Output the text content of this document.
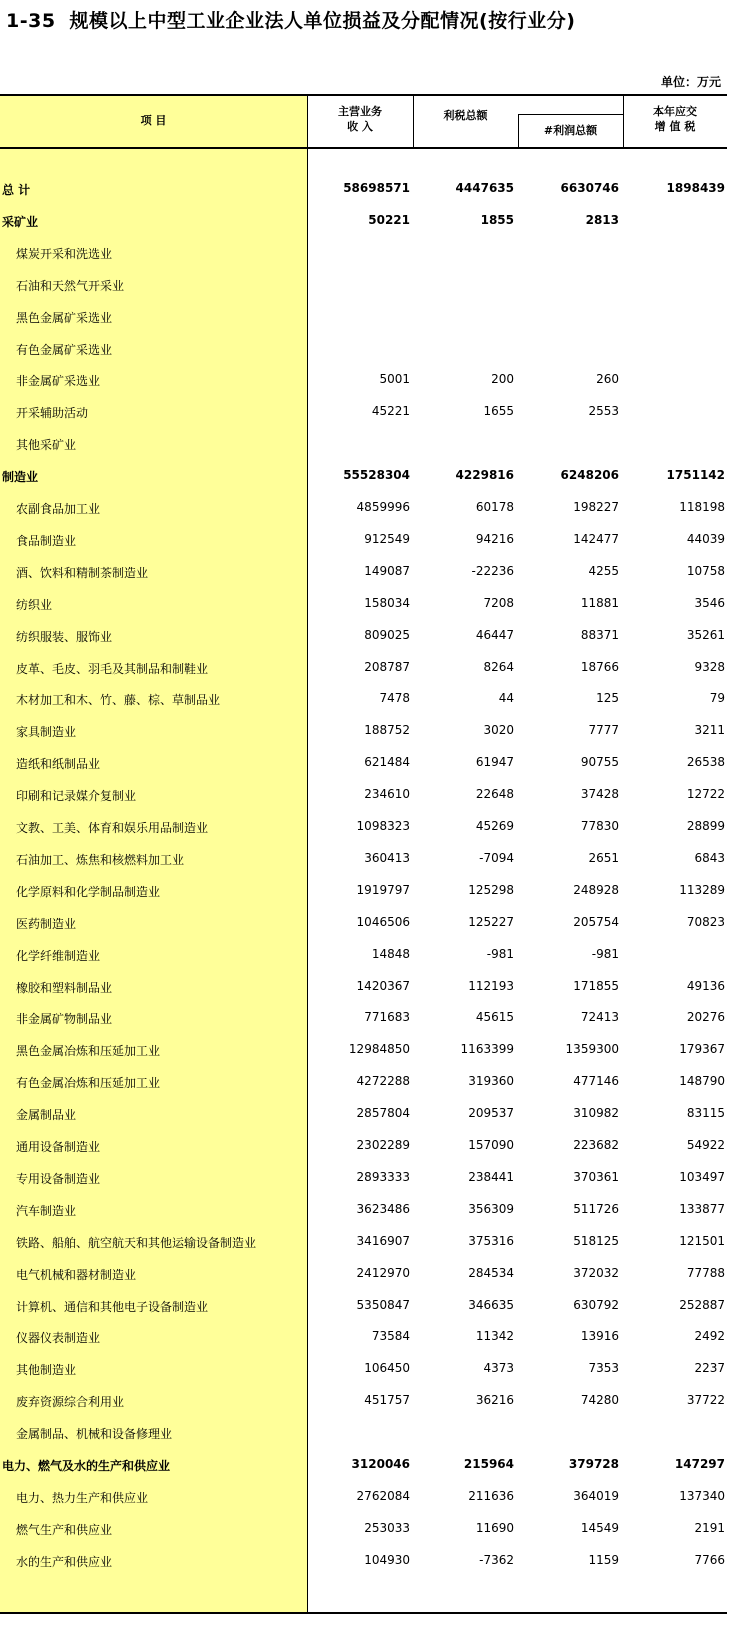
1-35 规模以上中型工业企业法人单位损益及分配情况(按行业分)
单位：万元
项 目
主营业务
收 入
利税总额
#利润总额
本年应交
增 值 税
总 计	58698571	4447635	6630746	1898439
采矿业	50221	1855	2813
煤炭开采和洗选业
石油和天然气开采业
黑色金属矿采选业
有色金属矿采选业
非金属矿采选业	5001	200	260
开采辅助活动	45221	1655	2553
其他采矿业
制造业	55528304	4229816	6248206	1751142
农副食品加工业	4859996	60178	198227	118198
食品制造业	912549	94216	142477	44039
酒、饮料和精制茶制造业	149087	-22236	4255	10758
纺织业	158034	7208	11881	3546
纺织服装、服饰业	809025	46447	88371	35261
皮革、毛皮、羽毛及其制品和制鞋业	208787	8264	18766	9328
木材加工和木、竹、藤、棕、草制品业	7478	44	125	79
家具制造业	188752	3020	7777	3211
造纸和纸制品业	621484	61947	90755	26538
印刷和记录媒介复制业	234610	22648	37428	12722
文教、工美、体育和娱乐用品制造业	1098323	45269	77830	28899
石油加工、炼焦和核燃料加工业	360413	-7094	2651	6843
化学原料和化学制品制造业	1919797	125298	248928	113289
医药制造业	1046506	125227	205754	70823
化学纤维制造业	14848	-981	-981
橡胶和塑料制品业	1420367	112193	171855	49136
非金属矿物制品业	771683	45615	72413	20276
黑色金属冶炼和压延加工业	12984850	1163399	1359300	179367
有色金属冶炼和压延加工业	4272288	319360	477146	148790
金属制品业	2857804	209537	310982	83115
通用设备制造业	2302289	157090	223682	54922
专用设备制造业	2893333	238441	370361	103497
汽车制造业	3623486	356309	511726	133877
铁路、船舶、航空航天和其他运输设备制造业	3416907	375316	518125	121501
电气机械和器材制造业	2412970	284534	372032	77788
计算机、通信和其他电子设备制造业	5350847	346635	630792	252887
仪器仪表制造业	73584	11342	13916	2492
其他制造业	106450	4373	7353	2237
废弃资源综合利用业	451757	36216	74280	37722
金属制品、机械和设备修理业
电力、燃气及水的生产和供应业	3120046	215964	379728	147297
电力、热力生产和供应业	2762084	211636	364019	137340
燃气生产和供应业	253033	11690	14549	2191
水的生产和供应业	104930	-7362	1159	7766
